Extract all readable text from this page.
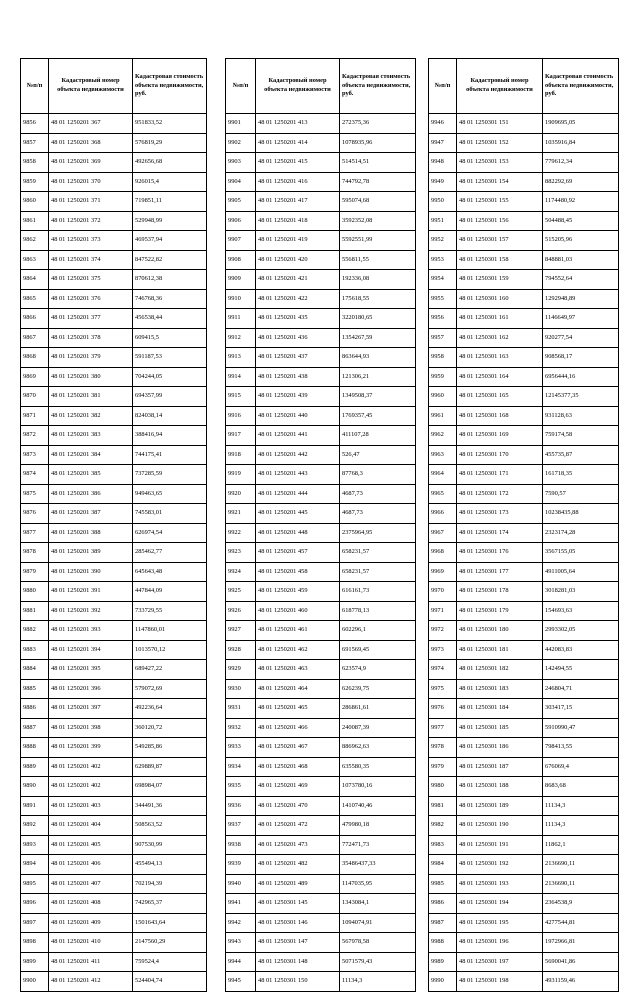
№п/п	Кадастровый номер объекта недвижимости	Кадастровая стоимость объекта недвижимости, руб.
9856	48 01 1250201 367	951833,52
9857	48 01 1250201 368	576819,29
9858	48 01 1250201 369	492656,68
9859	48 01 1250201 370	926015,4
9860	48 01 1250201 371	719851,11
9861	48 01 1250201 372	529948,99
9862	48 01 1250201 373	469537,94
9863	48 01 1250201 374	847522,82
9864	48 01 1250201 375	870612,38
9865	48 01 1250201 376	746768,36
9866	48 01 1250201 377	456538,44
9867	48 01 1250201 378	609415,5
9868	48 01 1250201 379	591187,53
9869	48 01 1250201 380	704244,05
9870	48 01 1250201 381	694357,99
9871	48 01 1250201 382	824038,14
9872	48 01 1250201 383	388416,94
9873	48 01 1250201 384	744175,41
9874	48 01 1250201 385	737285,59
9875	48 01 1250201 386	949463,65
9876	48 01 1250201 387	745583,01
9877	48 01 1250201 388	626974,54
9878	48 01 1250201 389	285462,77
9879	48 01 1250201 390	645643,48
9880	48 01 1250201 391	447844,09
9881	48 01 1250201 392	733729,55
9882	48 01 1250201 393	1147860,01
9883	48 01 1250201 394	1013570,12
9884	48 01 1250201 395	689427,22
9885	48 01 1250201 396	579072,69
9886	48 01 1250201 397	492236,64
9887	48 01 1250201 398	360120,72
9888	48 01 1250201 399	549285,86
9889	48 01 1250201 402	629889,87
9890	48 01 1250201 402	698984,07
9891	48 01 1250201 403	344491,36
9892	48 01 1250201 404	508563,52
9893	48 01 1250201 405	907530,99
9894	48 01 1250201 406	455494,13
9895	48 01 1250201 407	702194,39
9896	48 01 1250201 408	742965,37
9897	48 01 1250201 409	1501643,64
9898	48 01 1250201 410	2147560,29
9899	48 01 1250201 411	759524,4
9900	48 01 1250201 412	524404,74
№п/п	Кадастровый номер объекта недвижимости	Кадастровая стоимость объекта недвижимости, руб.
9901	48 01 1250201 413	272375,36
9902	48 01 1250201 414	1078935,96
9903	48 01 1250201 415	514514,51
9904	48 01 1250201 416	744792,78
9905	48 01 1250201 417	595074,68
9906	48 01 1250201 418	3592352,08
9907	48 01 1250201 419	5592551,99
9908	48 01 1250201 420	556811,55
9909	48 01 1250201 421	192336,08
9910	48 01 1250201 422	175618,55
9911	48 01 1250201 435	3220180,65
9912	48 01 1250201 436	1354267,59
9913	48 01 1250201 437	863644,93
9914	48 01 1250201 438	121306,21
9915	48 01 1250201 439	1349508,37
9916	48 01 1250201 440	1769357,45
9917	48 01 1250201 441	411107,28
9918	48 01 1250201 442	526,47
9919	48 01 1250201 443	87768,3
9920	48 01 1250201 444	4687,73
9921	48 01 1250201 445	4687,73
9922	48 01 1250201 448	2375964,95
9923	48 01 1250201 457	658231,57
9924	48 01 1250201 458	658231,57
9925	48 01 1250201 459	616161,73
9926	48 01 1250201 460	618778,13
9927	48 01 1250201 461	602296,1
9928	48 01 1250201 462	691569,45
9929	48 01 1250201 463	623574,9
9930	48 01 1250201 464	626239,75
9931	48 01 1250201 465	286861,61
9932	48 01 1250201 466	240087,39
9933	48 01 1250201 467	886962,63
9934	48 01 1250201 468	635580,35
9935	48 01 1250201 469	1073780,16
9936	48 01 1250201 470	1410740,46
9937	48 01 1250201 472	479980,18
9938	48 01 1250201 473	772471,73
9939	48 01 1250201 482	35486437,33
9940	48 01 1250201 489	1147035,95
9941	48 01 1250301 145	1343084,1
9942	48 01 1250301 146	1094074,91
9943	48 01 1250301 147	567978,58
9944	48 01 1250301 148	5071579,43
9945	48 01 1250301 150	11134,3
№п/п	Кадастровый номер объекта недвижимости	Кадастровая стоимость объекта недвижимости, руб.
9946	48 01 1250301 151	1909695,05
9947	48 01 1250301 152	1035916,84
9948	48 01 1250301 153	779612,34
9949	48 01 1250301 154	882292,69
9950	48 01 1250301 155	1174480,92
9951	48 01 1250301 156	504488,45
9952	48 01 1250301 157	515205,96
9953	48 01 1250301 158	848881,03
9954	48 01 1250301 159	794552,64
9955	48 01 1250301 160	1292948,89
9956	48 01 1250301 161	1146649,97
9957	48 01 1250301 162	920277,54
9958	48 01 1250301 163	908568,17
9959	48 01 1250301 164	6956444,16
9960	48 01 1250301 165	12145377,35
9961	48 01 1250301 168	931128,63
9962	48 01 1250301 169	759174,58
9963	48 01 1250301 170	455735,87
9964	48 01 1250301 171	161718,35
9965	48 01 1250301 172	7590,57
9966	48 01 1250301 173	10238435,88
9967	48 01 1250301 174	2323174,28
9968	48 01 1250301 176	3567155,05
9969	48 01 1250301 177	4911005,64
9970	48 01 1250301 178	3018281,03
9971	48 01 1250301 179	154693,63
9972	48 01 1250301 180	2993302,05
9973	48 01 1250301 181	442083,83
9974	48 01 1250301 182	142494,55
9975	48 01 1250301 183	246804,71
9976	48 01 1250301 184	303417,15
9977	48 01 1250301 185	5910990,47
9978	48 01 1250301 186	798413,55
9979	48 01 1250301 187	676069,4
9980	48 01 1250301 188	8683,68
9981	48 01 1250301 189	11134,3
9982	48 01 1250301 190	11134,3
9983	48 01 1250301 191	11862,1
9984	48 01 1250301 192	2136690,11
9985	48 01 1250301 193	2136690,11
9986	48 01 1250301 194	2364538,9
9987	48 01 1250301 195	4277544,81
9988	48 01 1250301 196	1972966,81
9989	48 01 1250301 197	5690041,86
9990	48 01 1250301 198	4931159,46
